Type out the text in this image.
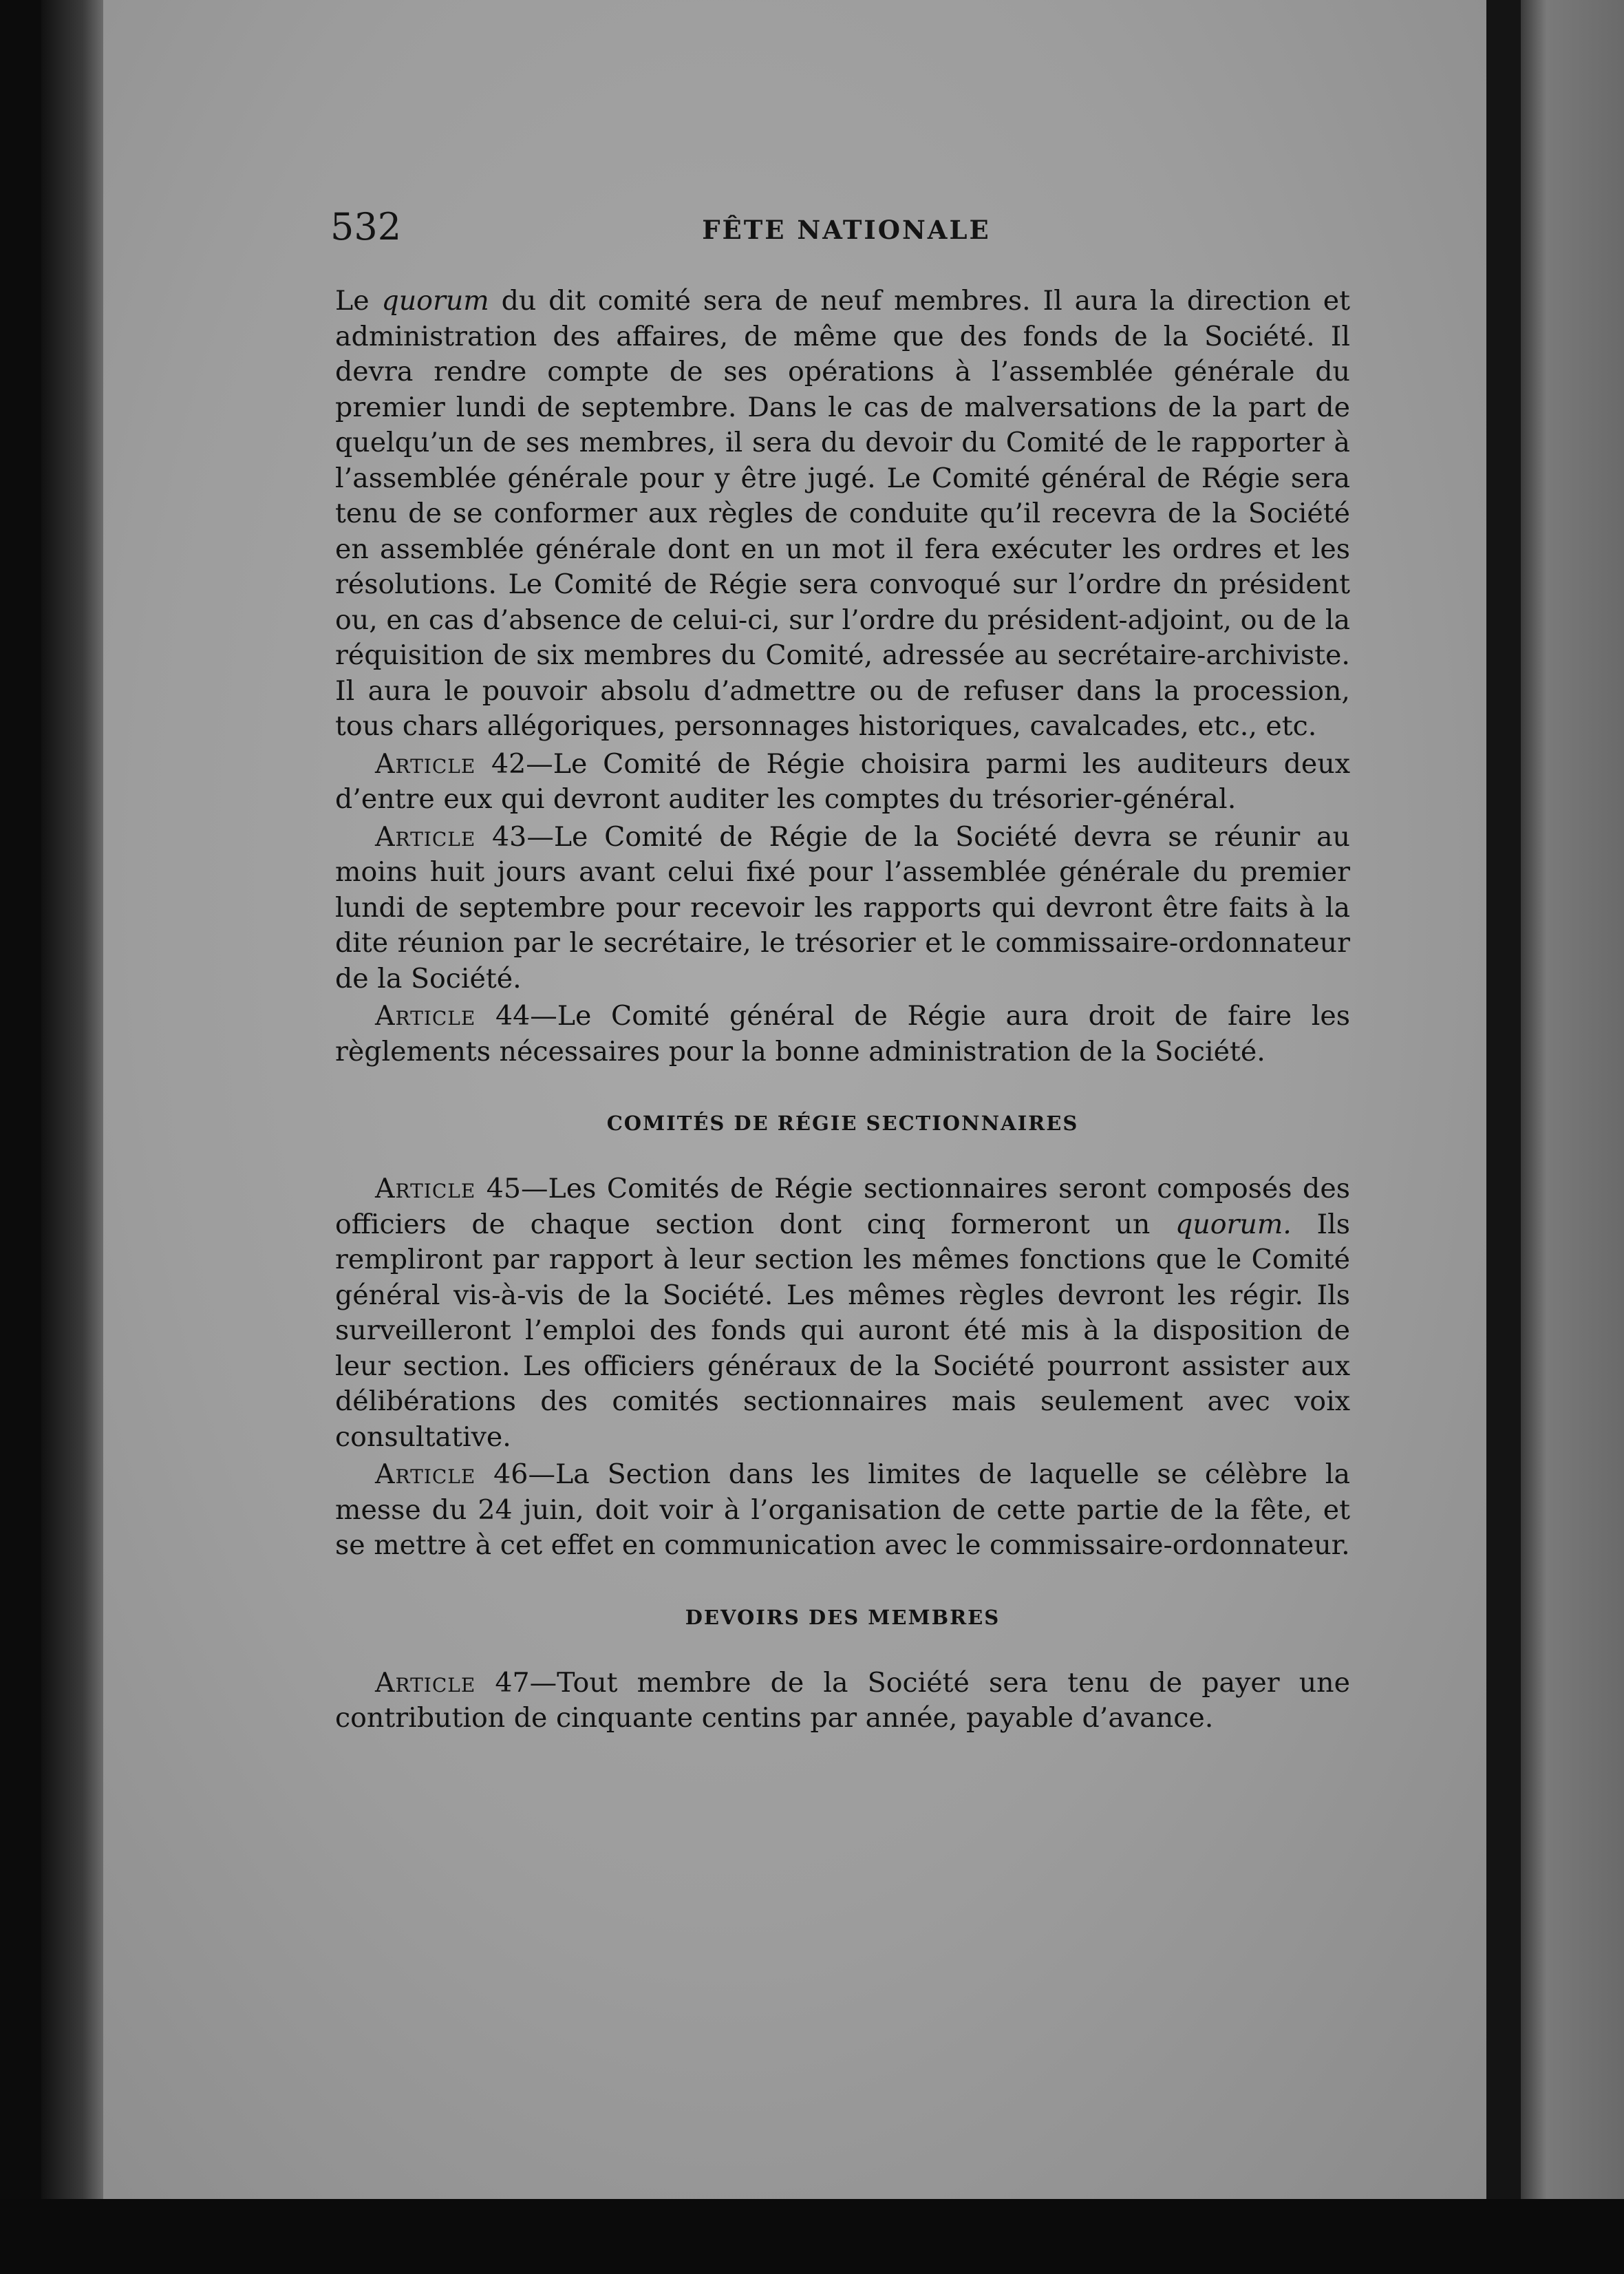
532	FÊTE NATIONALE

Le quorum du dit comité sera de neuf membres. Il aura la direction et administration des affaires, de même que des fonds de la Société. Il devra rendre compte de ses opérations à l’assemblée générale du premier lundi de septembre. Dans le cas de malversations de la part de quelqu’un de ses membres, il sera du devoir du Comité de le rapporter à l’assemblée générale pour y être jugé. Le Comité général de Régie sera tenu de se conformer aux règles de conduite qu’il recevra de la Société en assemblée générale dont en un mot il fera exécuter les ordres et les résolutions. Le Comité de Régie sera convoqué sur l’ordre dn président ou, en cas d’absence de celui-ci, sur l’ordre du président-adjoint, ou de la réquisition de six membres du Comité, adressée au secrétaire-archiviste. Il aura le pouvoir absolu d’admettre ou de refuser dans la procession, tous chars allégoriques, personnages historiques, cavalcades, etc., etc.

Article 42—Le Comité de Régie choisira parmi les auditeurs deux d’entre eux qui devront auditer les comptes du trésorier-général.

Article 43—Le Comité de Régie de la Société devra se réunir au moins huit jours avant celui fixé pour l’assemblée générale du premier lundi de septembre pour recevoir les rapports qui devront être faits à la dite réunion par le secrétaire, le trésorier et le commissaire-ordonnateur de la Société.

Article 44—Le Comité général de Régie aura droit de faire les règlements nécessaires pour la bonne administration de la Société.

COMITÉS DE RÉGIE SECTIONNAIRES

Article 45—Les Comités de Régie sectionnaires seront composés des officiers de chaque section dont cinq formeront un quorum. Ils rempliront par rapport à leur section les mêmes fonctions que le Comité général vis-à-vis de la Société. Les mêmes règles devront les régir. Ils surveilleront l’emploi des fonds qui auront été mis à la disposition de leur section. Les officiers généraux de la Société pourront assister aux délibérations des comités sectionnaires mais seulement avec voix consultative.

Article 46—La Section dans les limites de laquelle se célèbre la messe du 24 juin, doit voir à l’organisation de cette partie de la fête, et se mettre à cet effet en communication avec le commissaire-ordonnateur.

DEVOIRS DES MEMBRES

Article 47—Tout membre de la Société sera tenu de payer une contribution de cinquante centins par année, payable d’avance.
